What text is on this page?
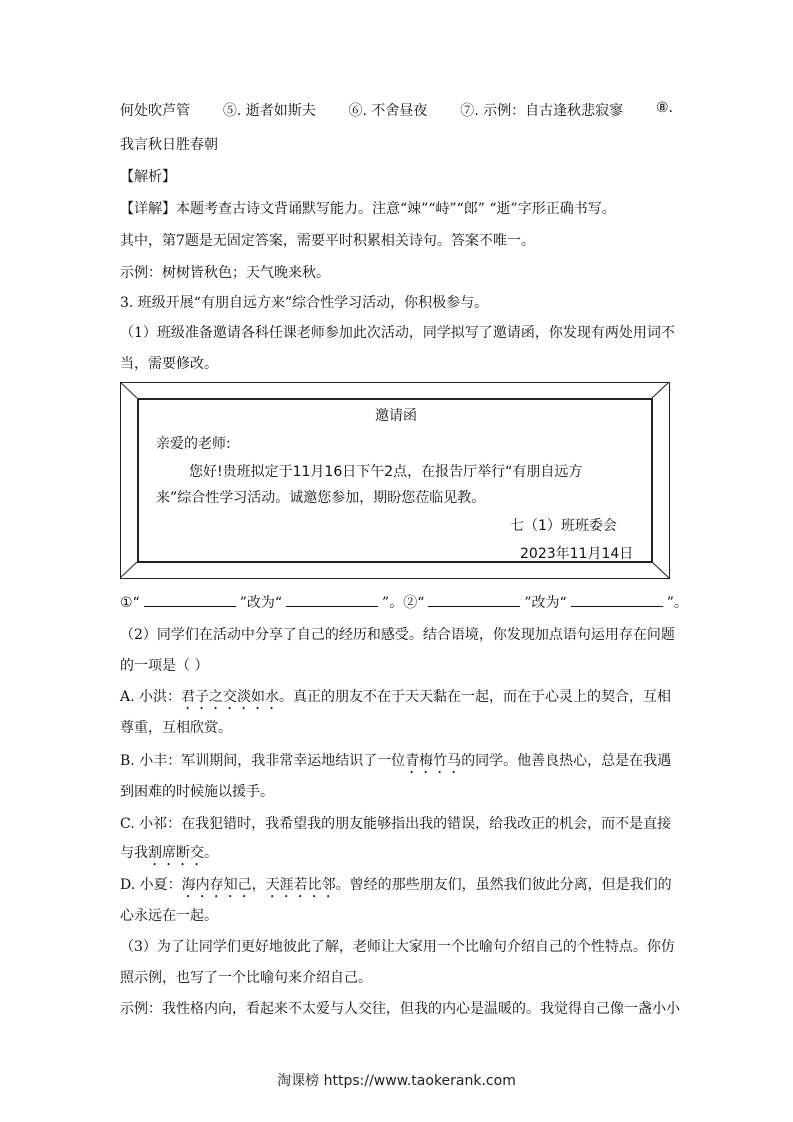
何处吹芦管 ⑤. 逝者如斯夫 ⑥. 不舍昼夜 ⑦. 示例：自古逢秋悲寂寥 ⑧.
我言秋日胜春朝
【解析】
【详解】本题考查古诗文背诵默写能力。注意“竦”“峙”“郎” “逝”字形正确书写。
其中，第7题是无固定答案，需要平时积累相关诗句。答案不唯一。
示例：树树皆秋色；天气晚来秋。
3. 班级开展“有朋自远方来”综合性学习活动，你积极参与。
（1）班级准备邀请各科任课老师参加此次活动，同学拟写了邀请函，你发现有两处用词不
当，需要修改。
邀请函
亲爱的老师:
您好!贵班拟定于11月16日下午2点，在报告厅举行“有朋自远方
来”综合性学习活动。诚邀您参加，期盼您莅临见教。
七（1）班班委会
2023年11月14日
①“	”改为“	”。②“	”改为“	”。
（2）同学们在活动中分享了自己的经历和感受。结合语境，你发现加点语句运用存在问题
的一项是（ ）
A. 小洪：君子之交淡如水。真正的朋友不在于天天黏在一起，而在于心灵上的契合，互相
尊重，互相欣赏。
B. 小丰：军训期间，我非常幸运地结识了一位青梅竹马的同学。他善良热心，总是在我遇
到困难的时候施以援手。
C. 小祁：在我犯错时，我希望我的朋友能够指出我的错误，给我改正的机会，而不是直接
与我割席断交。
D. 小夏：海内存知己，天涯若比邻。曾经的那些朋友们，虽然我们彼此分离，但是我们的
心永远在一起。
（3）为了让同学们更好地彼此了解，老师让大家用一个比喻句介绍自己的个性特点。你仿
照示例，也写了一个比喻句来介绍自己。
示例：我性格内向，看起来不太爱与人交往，但我的内心是温暖的。我觉得自己像一盏小小
淘课榜 https://www.taokerank.com
